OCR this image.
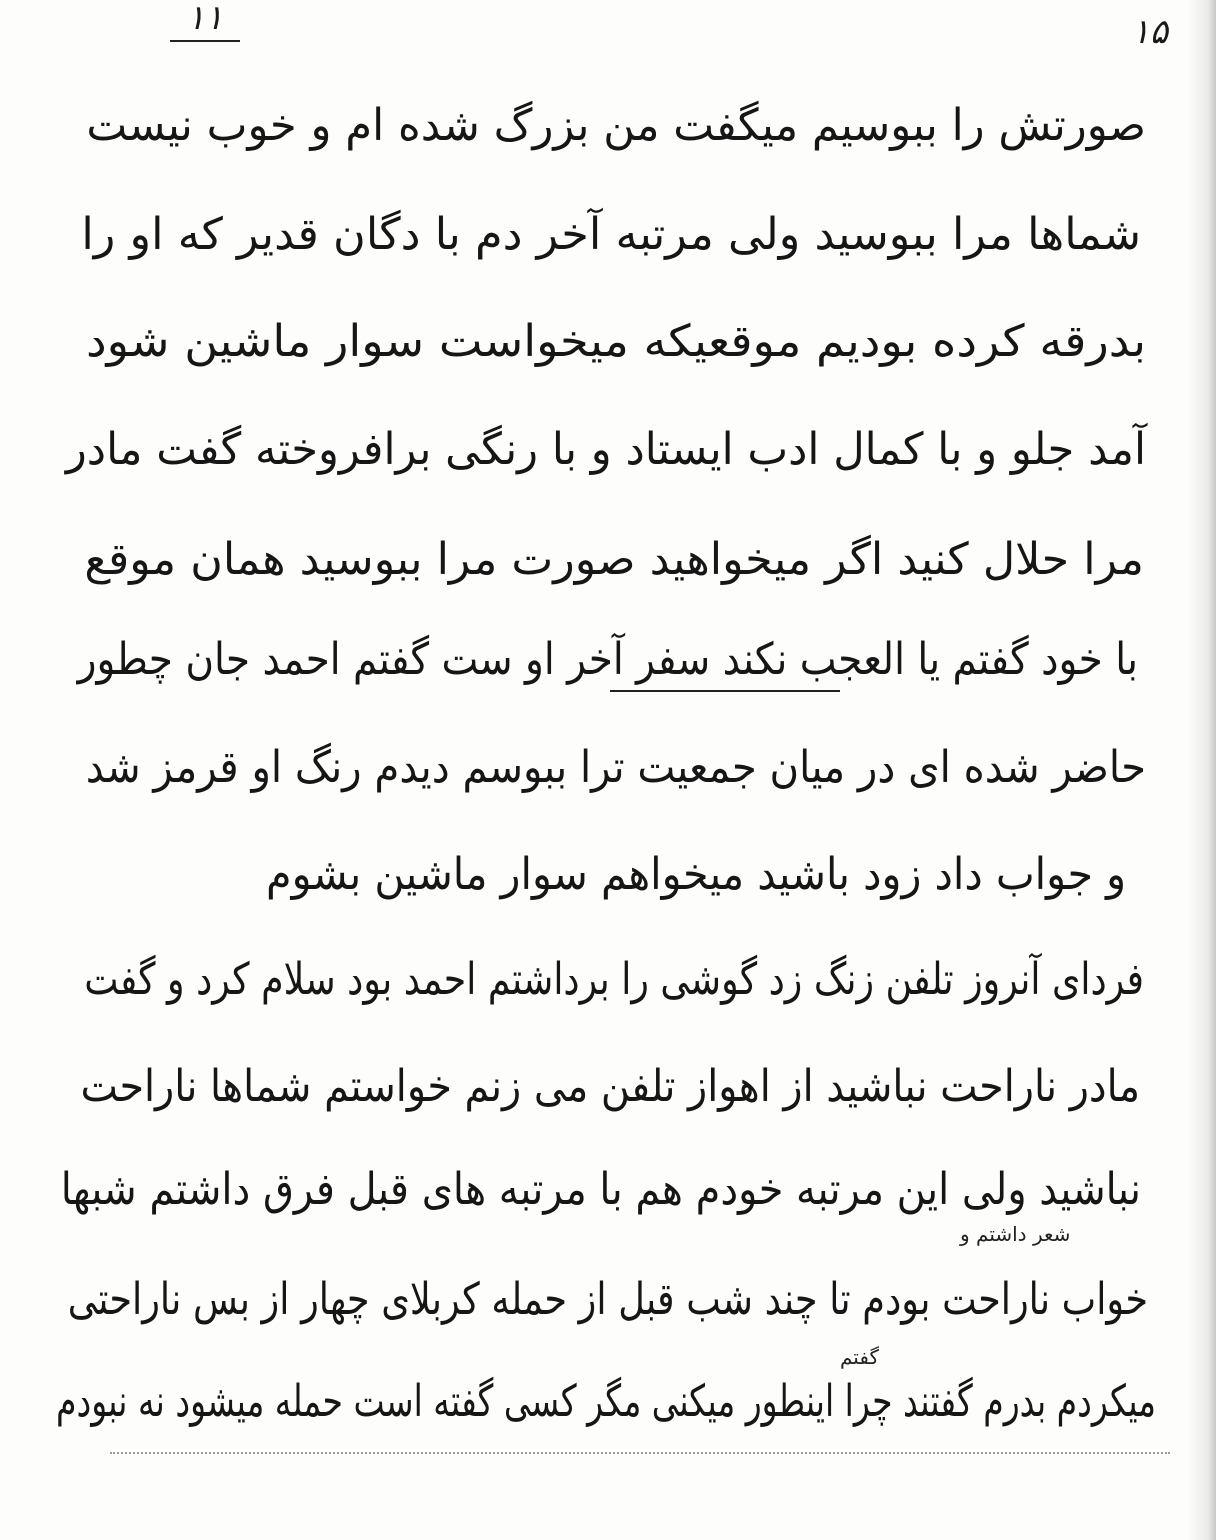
۱۱	۱۵
صورتش را ببوسیم میگفت من بزرگ شده ام و خوب نیست
شماها مرا ببوسید ولی مرتبه آخر دم با دگان قدیر که او را
بدرقه کرده بودیم موقعیکه میخواست سوار ماشین شود
آمد جلو و با کمال ادب ایستاد و با رنگی برافروخته گفت مادر
مرا حلال کنید اگر میخواهید صورت مرا ببوسید همان موقع
با خود گفتم یا العجب نکند سفر آخر او ست گفتم احمد جان چطور
حاضر شده ای در میان جمعیت ترا ببوسم دیدم رنگ او قرمز شد
و جواب داد زود باشید میخواهم سوار ماشین بشوم
فردای آنروز تلفن زنگ زد گوشی را برداشتم احمد بود سلام کرد و گفت
مادر ناراحت نباشید از اهواز تلفن می زنم خواستم شماها ناراحت
نباشید ولی این مرتبه خودم هم با مرتبه های قبل فرق داشتم شبها
شعر داشتم و
خواب ناراحت بودم تا چند شب قبل از حمله کربلای چهار از بس ناراحتی
گفتم
میکردم بدرم گفتند چرا اینطور میکنی مگر کسی گفته است حمله میشود نه نبودم
